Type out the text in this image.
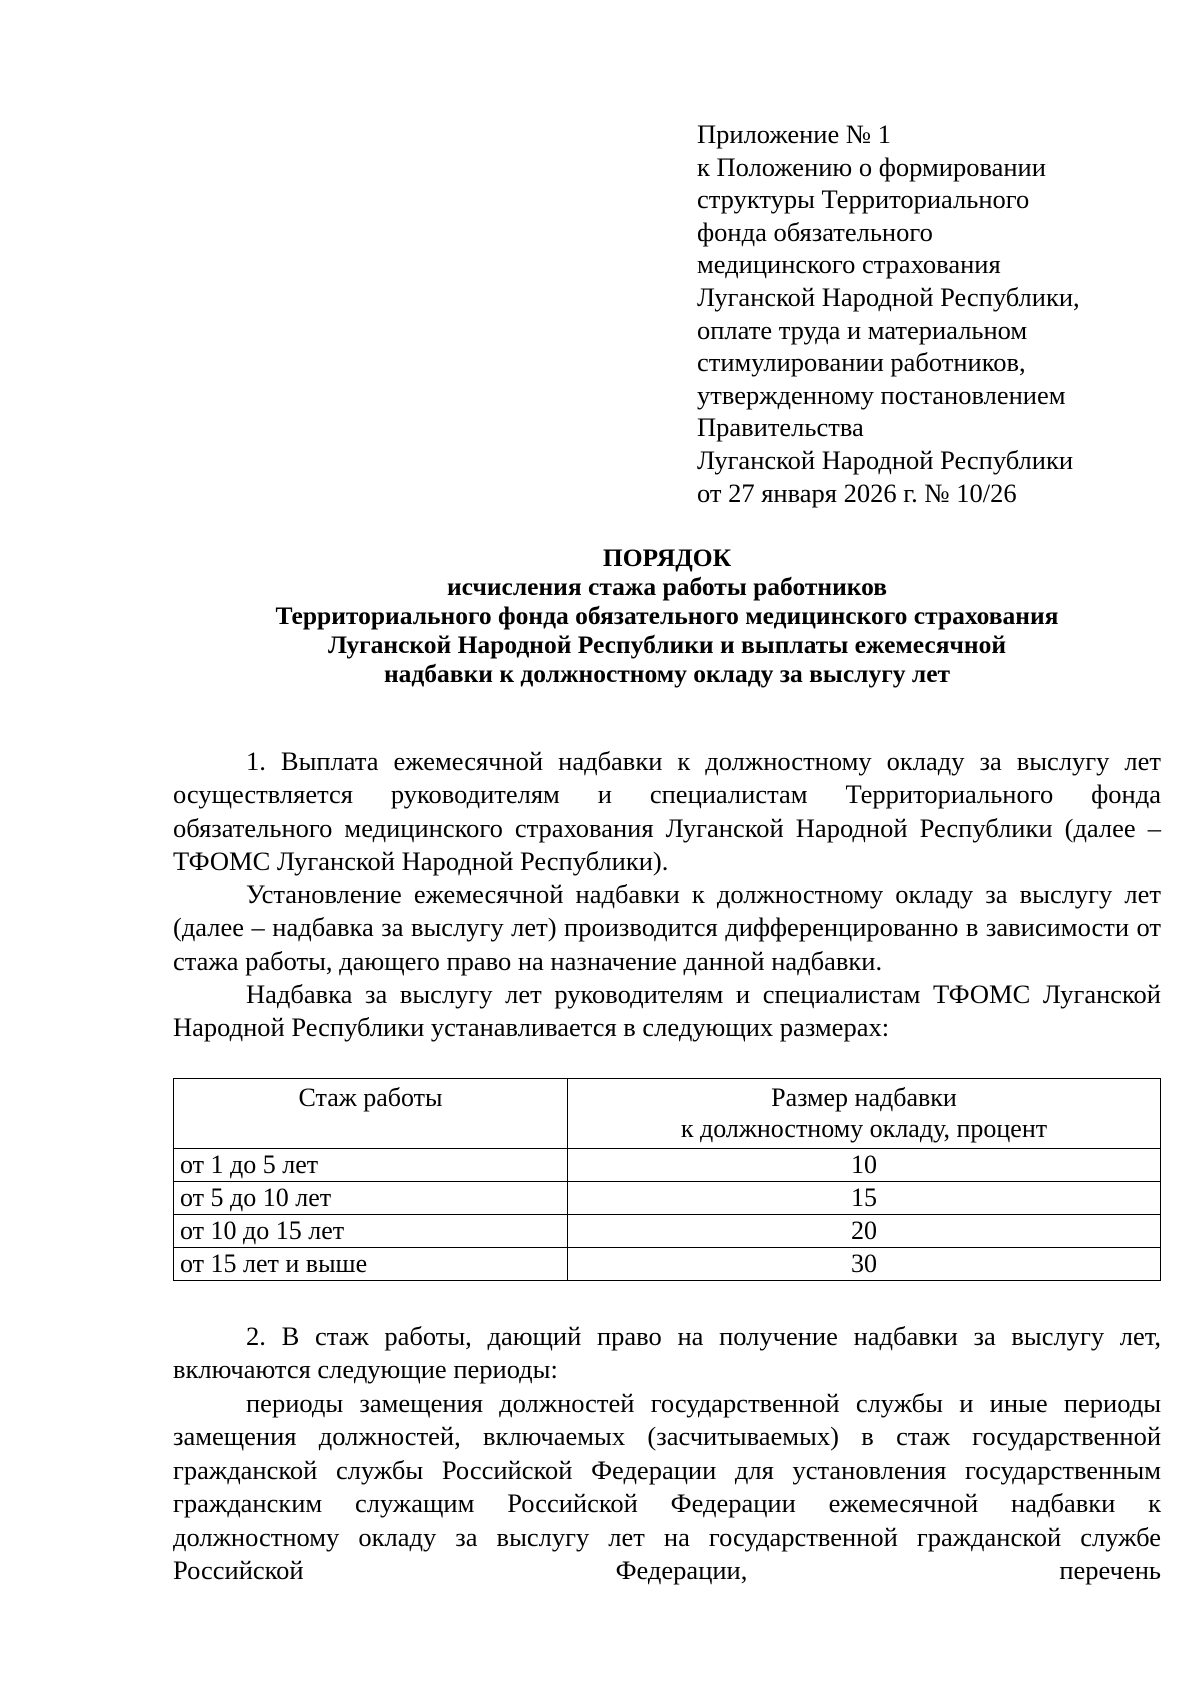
Приложение № 1
к Положению о формировании
структуры Территориального
фонда обязательного
медицинского страхования
Луганской Народной Республики,
оплате труда и материальном
стимулировании работников,
утвержденному постановлением
Правительства
Луганской Народной Республики
от 27 января 2026 г. № 10/26
ПОРЯДОК
исчисления стажа работы работников
Территориального фонда обязательного медицинского страхования
Луганской Народной Республики и выплаты ежемесячной
надбавки к должностному окладу за выслугу лет
1. Выплата ежемесячной надбавки к должностному окладу за выслугу лет осуществляется руководителям и специалистам Территориального фонда обязательного медицинского страхования Луганской Народной Республики (далее – ТФОМС Луганской Народной Республики).
Установление ежемесячной надбавки к должностному окладу за выслугу лет (далее – надбавка за выслугу лет) производится дифференцированно в зависимости от стажа работы, дающего право на назначение данной надбавки.
Надбавка за выслугу лет руководителям и специалистам ТФОМС Луганской Народной Республики устанавливается в следующих размерах:
Стаж работы	Размер надбавки
к должностному окладу, процент

от 1 до 5 лет	10
от 5 до 10 лет	15
от 10 до 15 лет	20
от 15 лет и выше	30
2. В стаж работы, дающий право на получение надбавки за выслугу лет, включаются следующие периоды:
периоды замещения должностей государственной службы и иные периоды замещения должностей, включаемых (засчитываемых) в стаж государственной гражданской службы Российской Федерации для установления государственным гражданским служащим Российской Федерации ежемесячной надбавки к должностному окладу за выслугу лет на государственной гражданской службе Российской Федерации, перечень
